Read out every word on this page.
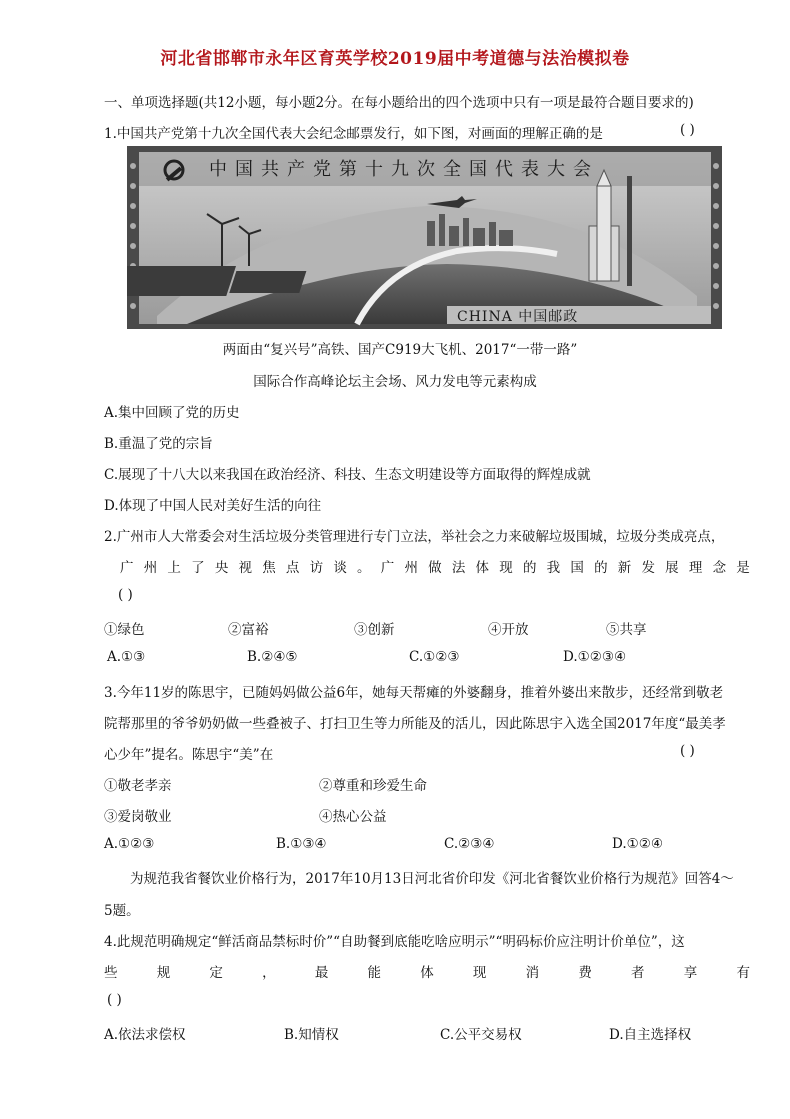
河北省邯郸市永年区育英学校2019届中考道德与法治模拟卷
一、单项选择题(共12小题，每小题2分。在每小题给出的四个选项中只有一项是最符合题目要求的)
1.中国共产党第十九次全国代表大会纪念邮票发行，如下图，对画面的理解正确的是	( )
中国共产党第十九次全国代表大会
CHINA 中国邮政
两面由“复兴号”高铁、国产C919大飞机、2017“一带一路”
国际合作高峰论坛主会场、风力发电等元素构成
A.集中回顾了党的历史
B.重温了党的宗旨
C.展现了十八大以来我国在政治经济、科技、生态文明建设等方面取得的辉煌成就
D.体现了中国人民对美好生活的向往
2.广州市人大常委会对生活垃圾分类管理进行专门立法，举社会之力来破解垃圾围城，垃圾分类成亮点，
广 州 上 了 央 视 焦 点 访 谈 。 广 州 做 法 体 现 的 我 国 的 新 发 展 理 念 是
( )
①绿色	②富裕	③创新	④开放	⑤共享
A.①③	B.②④⑤	C.①②③	D.①②③④
3.今年11岁的陈思宇，已随妈妈做公益6年，她每天帮瘫的外婆翻身，推着外婆出来散步，还经常到敬老
院帮那里的爷爷奶奶做一些叠被子、打扫卫生等力所能及的活儿，因此陈思宇入选全国2017年度“最美孝
心少年”提名。陈思宇“美”在	( )
①敬老孝亲	②尊重和珍爱生命
③爱岗敬业	④热心公益
A.①②③	B.①③④	C.②③④	D.①②④
为规范我省餐饮业价格行为，2017年10月13日河北省价印发《河北省餐饮业价格行为规范》回答4～
5题。
4.此规范明确规定“鲜活商品禁标时价”“自助餐到底能吃啥应明示”“明码标价应注明计价单位”，这
些	规	定	，	最	能	体	现	消	费	者	享	有
( )
A.依法求偿权	B.知情权	C.公平交易权	D.自主选择权
